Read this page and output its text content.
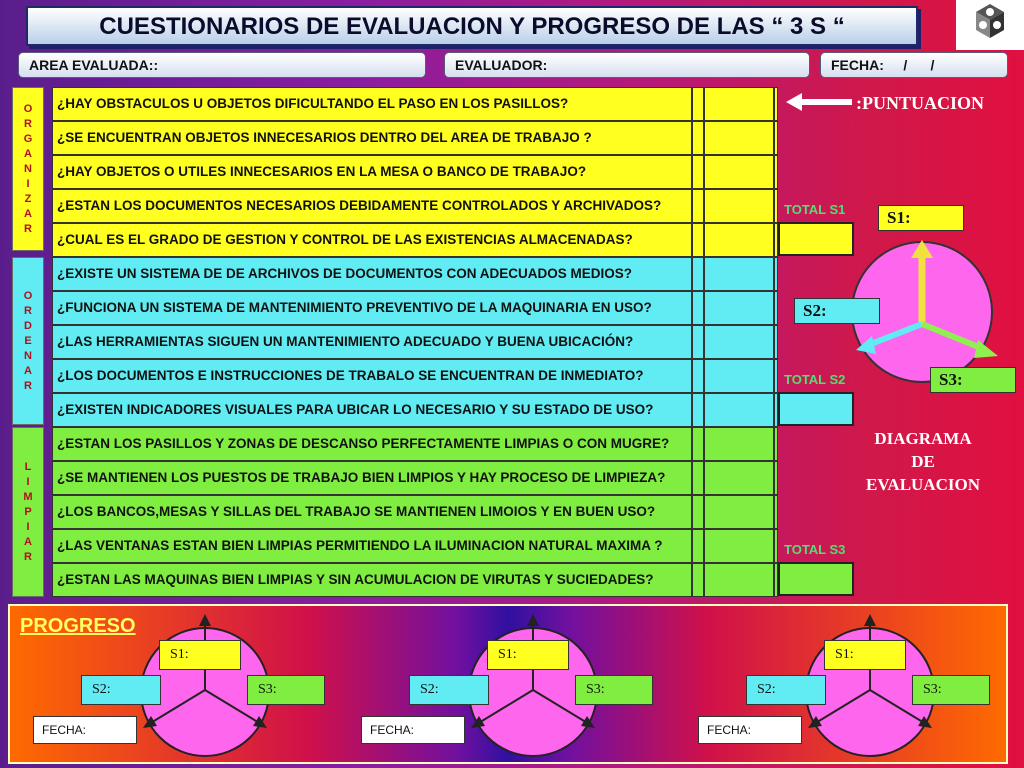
CUESTIONARIOS DE EVALUACION Y PROGRESO DE LAS “ 3 S “
AREA EVALUADA::	EVALUADOR:	FECHA:     /      /
O
R
G
A
N
I
Z
A
R
O
R
D
E
N
A
R
L
I
M
P
I
A
R
¿HAY OBSTACULOS U OBJETOS DIFICULTANDO EL PASO EN LOS PASILLOS?
¿SE ENCUENTRAN OBJETOS INNECESARIOS DENTRO DEL AREA DE TRABAJO ?
¿HAY OBJETOS O UTILES INNECESARIOS EN LA MESA O BANCO DE TRABAJO?
¿ESTAN LOS DOCUMENTOS NECESARIOS DEBIDAMENTE CONTROLADOS Y ARCHIVADOS?
¿CUAL ES EL GRADO DE GESTION Y CONTROL DE LAS EXISTENCIAS ALMACENADAS?
¿EXISTE UN SISTEMA DE DE ARCHIVOS DE DOCUMENTOS CON ADECUADOS MEDIOS?
¿FUNCIONA UN SISTEMA DE MANTENIMIENTO PREVENTIVO DE LA MAQUINARIA EN USO?
¿LAS HERRAMIENTAS SIGUEN UN MANTENIMIENTO ADECUADO Y BUENA UBICACIÓN?
¿LOS DOCUMENTOS E INSTRUCCIONES DE TRABALO SE ENCUENTRAN DE INMEDIATO?
¿EXISTEN INDICADORES VISUALES PARA UBICAR LO NECESARIO Y SU ESTADO DE USO?
¿ESTAN LOS PASILLOS Y ZONAS DE DESCANSO PERFECTAMENTE LIMPIAS O CON MUGRE?
¿SE MANTIENEN LOS PUESTOS DE TRABAJO BIEN LIMPIOS Y HAY PROCESO DE LIMPIEZA?
¿LOS BANCOS,MESAS Y SILLAS DEL TRABAJO SE MANTIENEN LIMOIOS Y EN BUEN USO?
¿LAS VENTANAS ESTAN BIEN LIMPIAS PERMITIENDO LA ILUMINACION NATURAL MAXIMA ?
¿ESTAN LAS MAQUINAS BIEN LIMPIAS Y SIN ACUMULACION DE VIRUTAS Y SUCIEDADES?
:PUNTUACION
TOTAL S1
TOTAL S2
TOTAL S3
S1:
S2:
S3:
DIAGRAMA
DE
EVALUACION
PROGRESO
S1:
S2:	S3:
FECHA:
S1:
S2:	S3:
FECHA:
S1:
S2:	S3:
FECHA:
